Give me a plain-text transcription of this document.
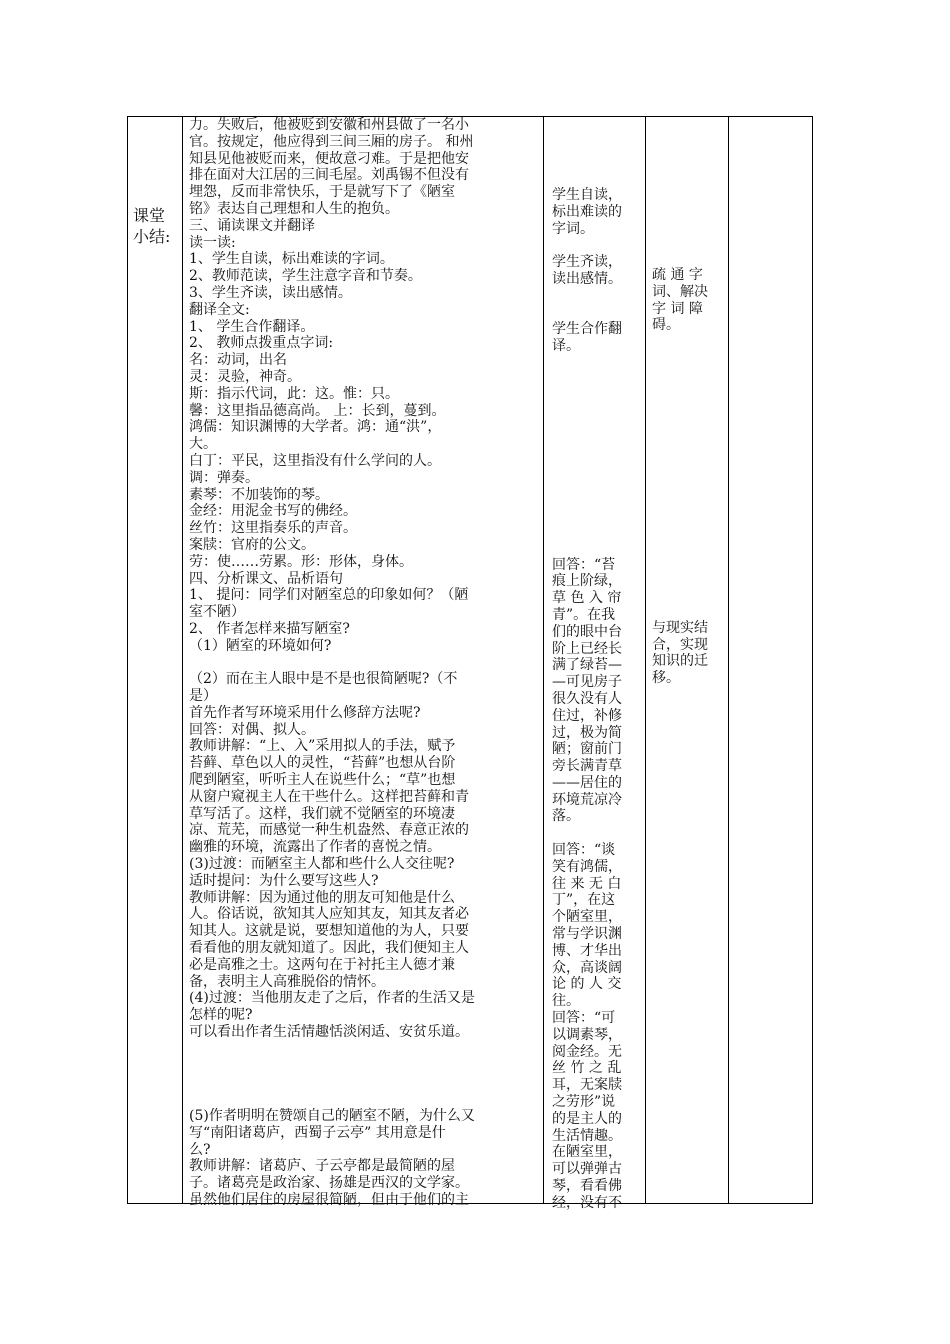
课堂

小结:

力。失败后，他被贬到安徽和州县做了一名小

官。按规定，他应得到三间三厢的房子。 和州

知县见他被贬而来，便故意刁难。于是把他安

排在面对大江居的三间毛屋。刘禹锡不但没有

埋怨，反而非常快乐，于是就写下了《陋室

铭》表达自己理想和人生的抱负。

三、诵读课文并翻译

读一读:

1、学生自读，标出难读的字词。

2、教师范读，学生注意字音和节奏。

3、学生齐读，读出感情。

翻译全文:

1、 学生合作翻译。

2、 教师点拨重点字词:

名：动词，出名

灵：灵验，神奇。

斯：指示代词，此：这。惟：只。

馨：这里指品德高尚。 上：长到，蔓到。

鸿儒：知识渊博的大学者。鸿：通“洪”，

大。

白丁：平民，这里指没有什么学问的人。

调：弹奏。

素琴：不加装饰的琴。

金经：用泥金书写的佛经。

丝竹：这里指奏乐的声音。

案牍：官府的公文。

劳：使……劳累。形：形体，身体。

四、分析课文、品析语句

1、 提问：同学们对陋室总的印象如何？（陋

室不陋）

2、 作者怎样来描写陋室?

（1）陋室的环境如何?

（2）而在主人眼中是不是也很简陋呢?（不

是）

首先作者写环境采用什么修辞方法呢?

回答：对偶、拟人。

教师讲解：“上、入”采用拟人的手法，赋予

苔藓、草色以人的灵性，“苔藓”也想从台阶

爬到陋室，听听主人在说些什么；“草”也想

从窗户窥视主人在干些什么。这样把苔藓和青

草写活了。这样，我们就不觉陋室的环境凄

凉、荒芜，而感觉一种生机盎然、春意正浓的

幽雅的环境，流露出了作者的喜悦之情。

(3)过渡：而陋室主人都和些什么人交往呢?

适时提问：为什么要写这些人?

教师讲解：因为通过他的朋友可知他是什么

人。俗话说，欲知其人应知其友，知其友者必

知其人。这就是说，要想知道他的为人，只要

看看他的朋友就知道了。因此，我们便知主人

必是高雅之士。这两句在于衬托主人德才兼

备，表明主人高雅脱俗的情怀。

(4)过渡：当他朋友走了之后，作者的生活又是

怎样的呢?

可以看出作者生活情趣恬淡闲适、安贫乐道。

(5)作者明明在赞颂自己的陋室不陋，为什么又

写“南阳诸葛庐，西蜀子云亭” 其用意是什

么?

教师讲解：诸葛庐、子云亭都是最简陋的屋

子。诸葛亮是政治家、扬雄是西汉的文学家。

虽然他们居住的房屋很简陋，但由于他们的主

学生自读，

标出难读的

字词。

学生齐读，

读出感情。

学生合作翻

译。

回答：“苔

痕上阶绿，

草 色 入 帘

青”。在我

们的眼中台

阶上已经长

满了绿苔—

—可见房子

很久没有人

住过，补修

过，极为简

陋；窗前门

旁长满青草

——居住的

环境荒凉冷

落。

回答：“谈

笑有鸿儒，

往 来 无 白

丁”，在这

个陋室里，

常与学识渊

博、才华出

众，高谈阔

论 的 人 交

往。

回答：“可

以调素琴，

阅金经。无

丝 竹 之 乱

耳，无案牍

之劳形”说

的是主人的

生活情趣。

在陋室里，

可以弹弹古

琴，看看佛

经，没有不

疏 通 字

词、解决

字 词 障

碍。

与现实结

合，实现

知识的迁

移。
